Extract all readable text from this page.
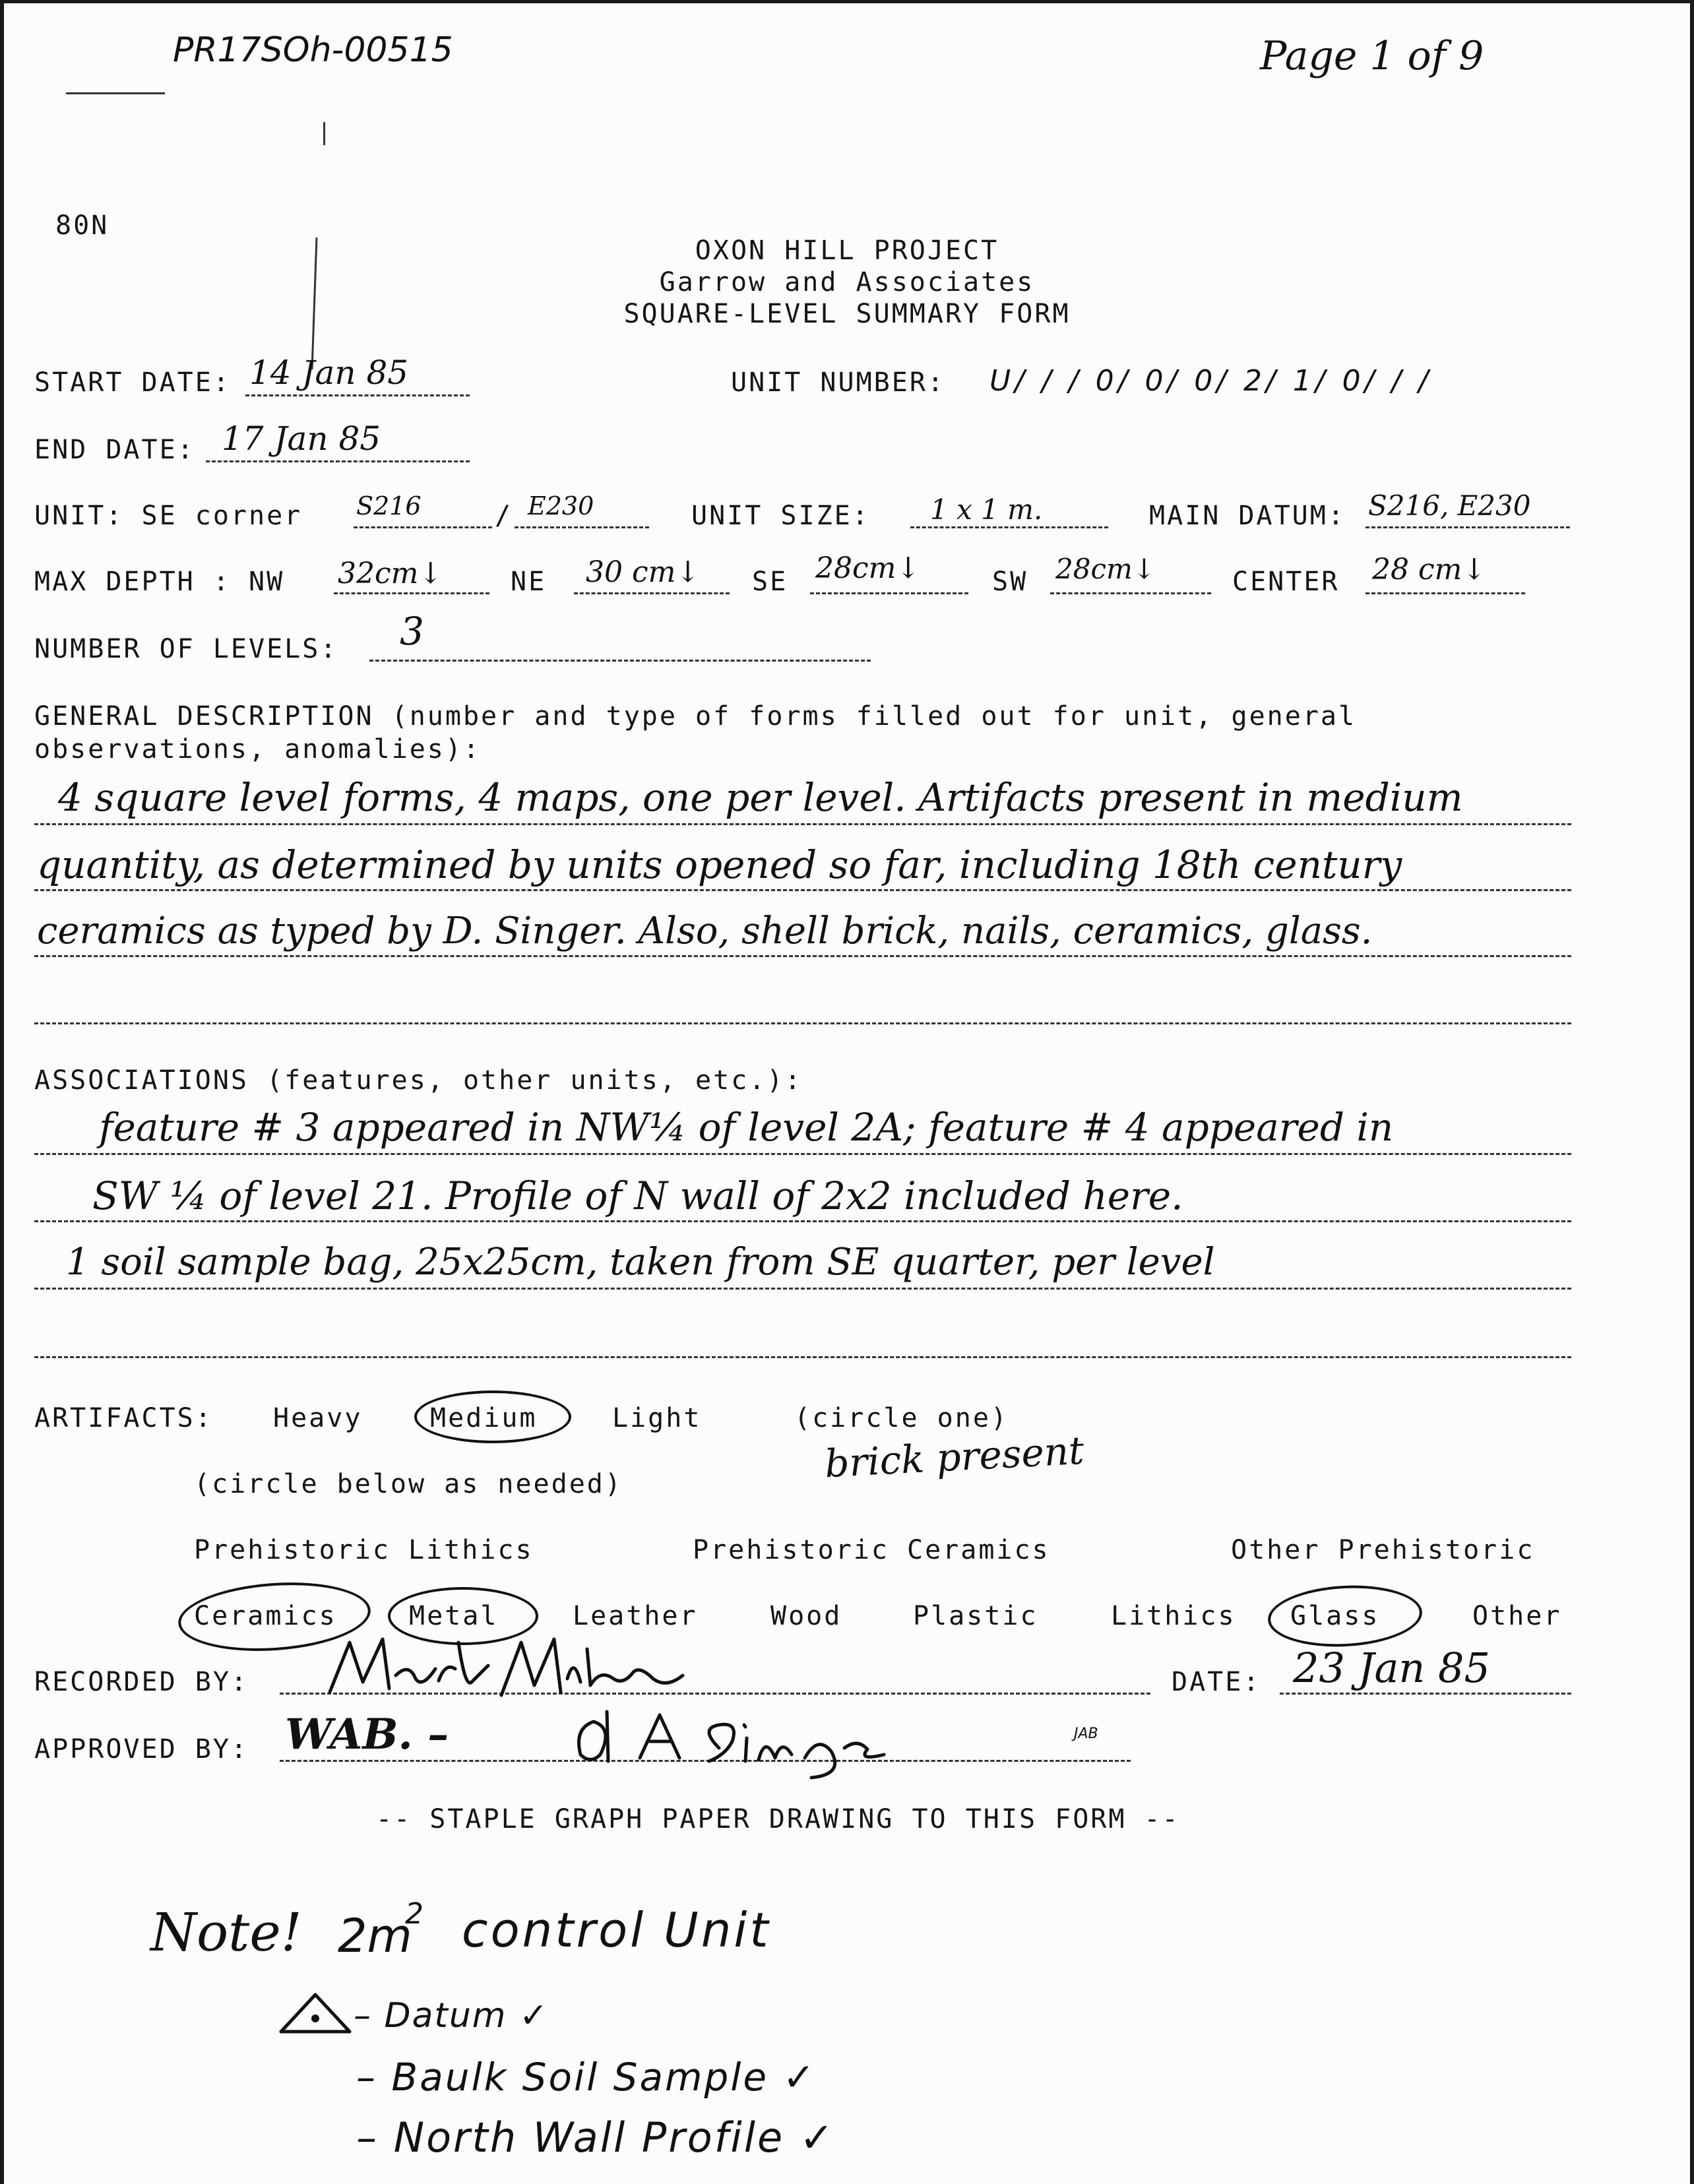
PR17SOh-00515	Page 1 of 9
80N
OXON HILL PROJECT
Garrow and Associates
SQUARE-LEVEL SUMMARY FORM
START DATE: 14 Jan 85	UNIT NUMBER: U/ / / 0/ 0/ 0/ 2/ 1/ 0/ / /
END DATE: 17 Jan 85
UNIT: SE corner S216	/ E230	UNIT SIZE: 1 x 1 m.	MAIN DATUM: S216, E230
MAX DEPTH : NW 32cm↓	NE 30 cm↓ SE 28cm↓	SW 28cm↓	CENTER 28 cm↓
NUMBER OF LEVELS: 3
GENERAL DESCRIPTION (number and type of forms filled out for unit, general
observations, anomalies):
4 square level forms, 4 maps, one per level. Artifacts present in medium
quantity, as determined by units opened so far, including 18th century
ceramics as typed by D. Singer. Also, shell brick, nails, ceramics, glass.
ASSOCIATIONS (features, other units, etc.):
feature # 3 appeared in NW¼ of level 2A; feature # 4 appeared in
SW ¼ of level 21. Profile of N wall of 2x2 included here.
1 soil sample bag, 25x25cm, taken from SE quarter, per level
ARTIFACTS: Heavy	Medium	Light	(circle one)
(circle below as needed)	brick present
Prehistoric Lithics	Prehistoric Ceramics	Other Prehistoric
Ceramics	Metal	Leather	Wood	Plastic	Lithics Glass	Other
RECORDED BY:	DATE: 23 Jan 85
APPROVED BY: WAB. –	JAB
-- STAPLE GRAPH PAPER DRAWING TO THIS FORM --
Note! 2m
2 control Unit
– Datum ✓
– Baulk Soil Sample ✓
– North Wall Profile ✓
